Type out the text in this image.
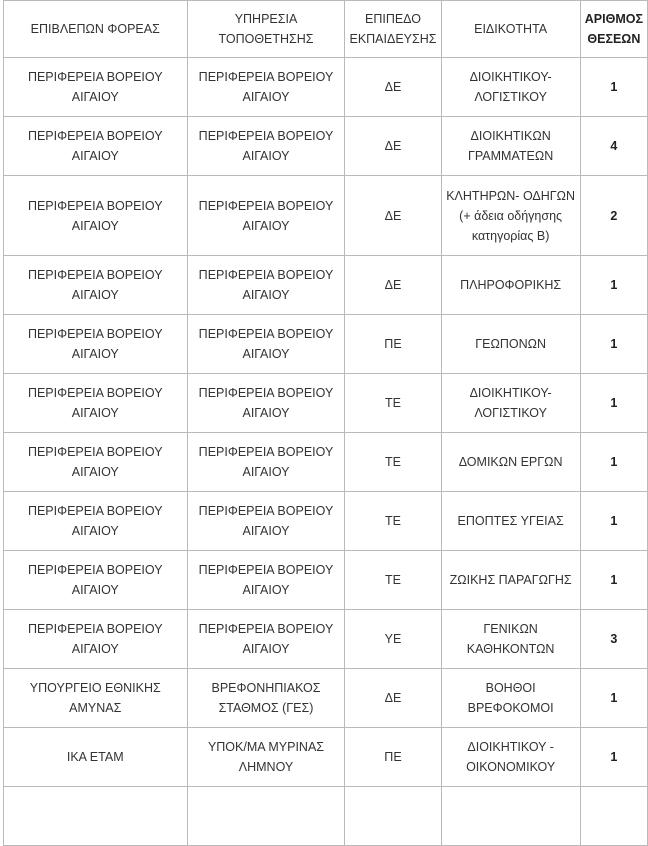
ΕΠΙΒΛΕΠΩΝ ΦΟΡΕΑΣ	ΥΠΗΡΕΣΙΑ ΤΟΠΟΘΕΤΗΣΗΣ	ΕΠΙΠΕΔΟ ΕΚΠΑΙΔΕΥΣΗΣ	ΕΙΔΙΚΟΤΗΤΑ	ΑΡΙΘΜΟΣ ΘΕΣΕΩΝ
ΠΕΡΙΦΕΡΕΙΑ ΒΟΡΕΙΟΥ ΑΙΓΑΙΟΥ	ΠΕΡΙΦΕΡΕΙΑ ΒΟΡΕΙΟΥ ΑΙΓΑΙΟΥ	ΔΕ	ΔΙΟΙΚΗΤΙΚΟΥ-ΛΟΓΙΣΤΙΚΟΥ	1
ΠΕΡΙΦΕΡΕΙΑ ΒΟΡΕΙΟΥ ΑΙΓΑΙΟΥ	ΠΕΡΙΦΕΡΕΙΑ ΒΟΡΕΙΟΥ ΑΙΓΑΙΟΥ	ΔΕ	ΔΙΟΙΚΗΤΙΚΩΝ ΓΡΑΜΜΑΤΕΩΝ	4
ΠΕΡΙΦΕΡΕΙΑ ΒΟΡΕΙΟΥ ΑΙΓΑΙΟΥ	ΠΕΡΙΦΕΡΕΙΑ ΒΟΡΕΙΟΥ ΑΙΓΑΙΟΥ	ΔΕ	ΚΛΗΤΗΡΩΝ- ΟΔΗΓΩΝ (+ άδεια οδήγησης κατηγορίας Β)	2
ΠΕΡΙΦΕΡΕΙΑ ΒΟΡΕΙΟΥ ΑΙΓΑΙΟΥ	ΠΕΡΙΦΕΡΕΙΑ ΒΟΡΕΙΟΥ ΑΙΓΑΙΟΥ	ΔΕ	ΠΛΗΡΟΦΟΡΙΚΗΣ	1
ΠΕΡΙΦΕΡΕΙΑ ΒΟΡΕΙΟΥ ΑΙΓΑΙΟΥ	ΠΕΡΙΦΕΡΕΙΑ ΒΟΡΕΙΟΥ ΑΙΓΑΙΟΥ	ΠΕ	ΓΕΩΠΟΝΩΝ	1
ΠΕΡΙΦΕΡΕΙΑ ΒΟΡΕΙΟΥ ΑΙΓΑΙΟΥ	ΠΕΡΙΦΕΡΕΙΑ ΒΟΡΕΙΟΥ ΑΙΓΑΙΟΥ	ΤΕ	ΔΙΟΙΚΗΤΙΚΟΥ-ΛΟΓΙΣΤΙΚΟΥ	1
ΠΕΡΙΦΕΡΕΙΑ ΒΟΡΕΙΟΥ ΑΙΓΑΙΟΥ	ΠΕΡΙΦΕΡΕΙΑ ΒΟΡΕΙΟΥ ΑΙΓΑΙΟΥ	ΤΕ	ΔΟΜΙΚΩΝ ΕΡΓΩΝ	1
ΠΕΡΙΦΕΡΕΙΑ ΒΟΡΕΙΟΥ ΑΙΓΑΙΟΥ	ΠΕΡΙΦΕΡΕΙΑ ΒΟΡΕΙΟΥ ΑΙΓΑΙΟΥ	ΤΕ	ΕΠΟΠΤΕΣ ΥΓΕΙΑΣ	1
ΠΕΡΙΦΕΡΕΙΑ ΒΟΡΕΙΟΥ ΑΙΓΑΙΟΥ	ΠΕΡΙΦΕΡΕΙΑ ΒΟΡΕΙΟΥ ΑΙΓΑΙΟΥ	ΤΕ	ΖΩΙΚΗΣ ΠΑΡΑΓΩΓΗΣ	1
ΠΕΡΙΦΕΡΕΙΑ ΒΟΡΕΙΟΥ ΑΙΓΑΙΟΥ	ΠΕΡΙΦΕΡΕΙΑ ΒΟΡΕΙΟΥ ΑΙΓΑΙΟΥ	ΥΕ	ΓΕΝΙΚΩΝ ΚΑΘΗΚΟΝΤΩΝ	3
ΥΠΟΥΡΓΕΙΟ ΕΘΝΙΚΗΣ ΑΜΥΝΑΣ	ΒΡΕΦΟΝΗΠΙΑΚΟΣ ΣΤΑΘΜΟΣ (ΓΕΣ)	ΔΕ	ΒΟΗΘΟΙ ΒΡΕΦΟΚΟΜΟΙ	1
ΙΚΑ ΕΤΑΜ	ΥΠΟΚ/ΜΑ ΜΥΡΙΝΑΣ ΛΗΜΝΟΥ	ΠΕ	ΔΙΟΙΚΗΤΙΚΟΥ - ΟΙΚΟΝΟΜΙΚΟΥ	1
